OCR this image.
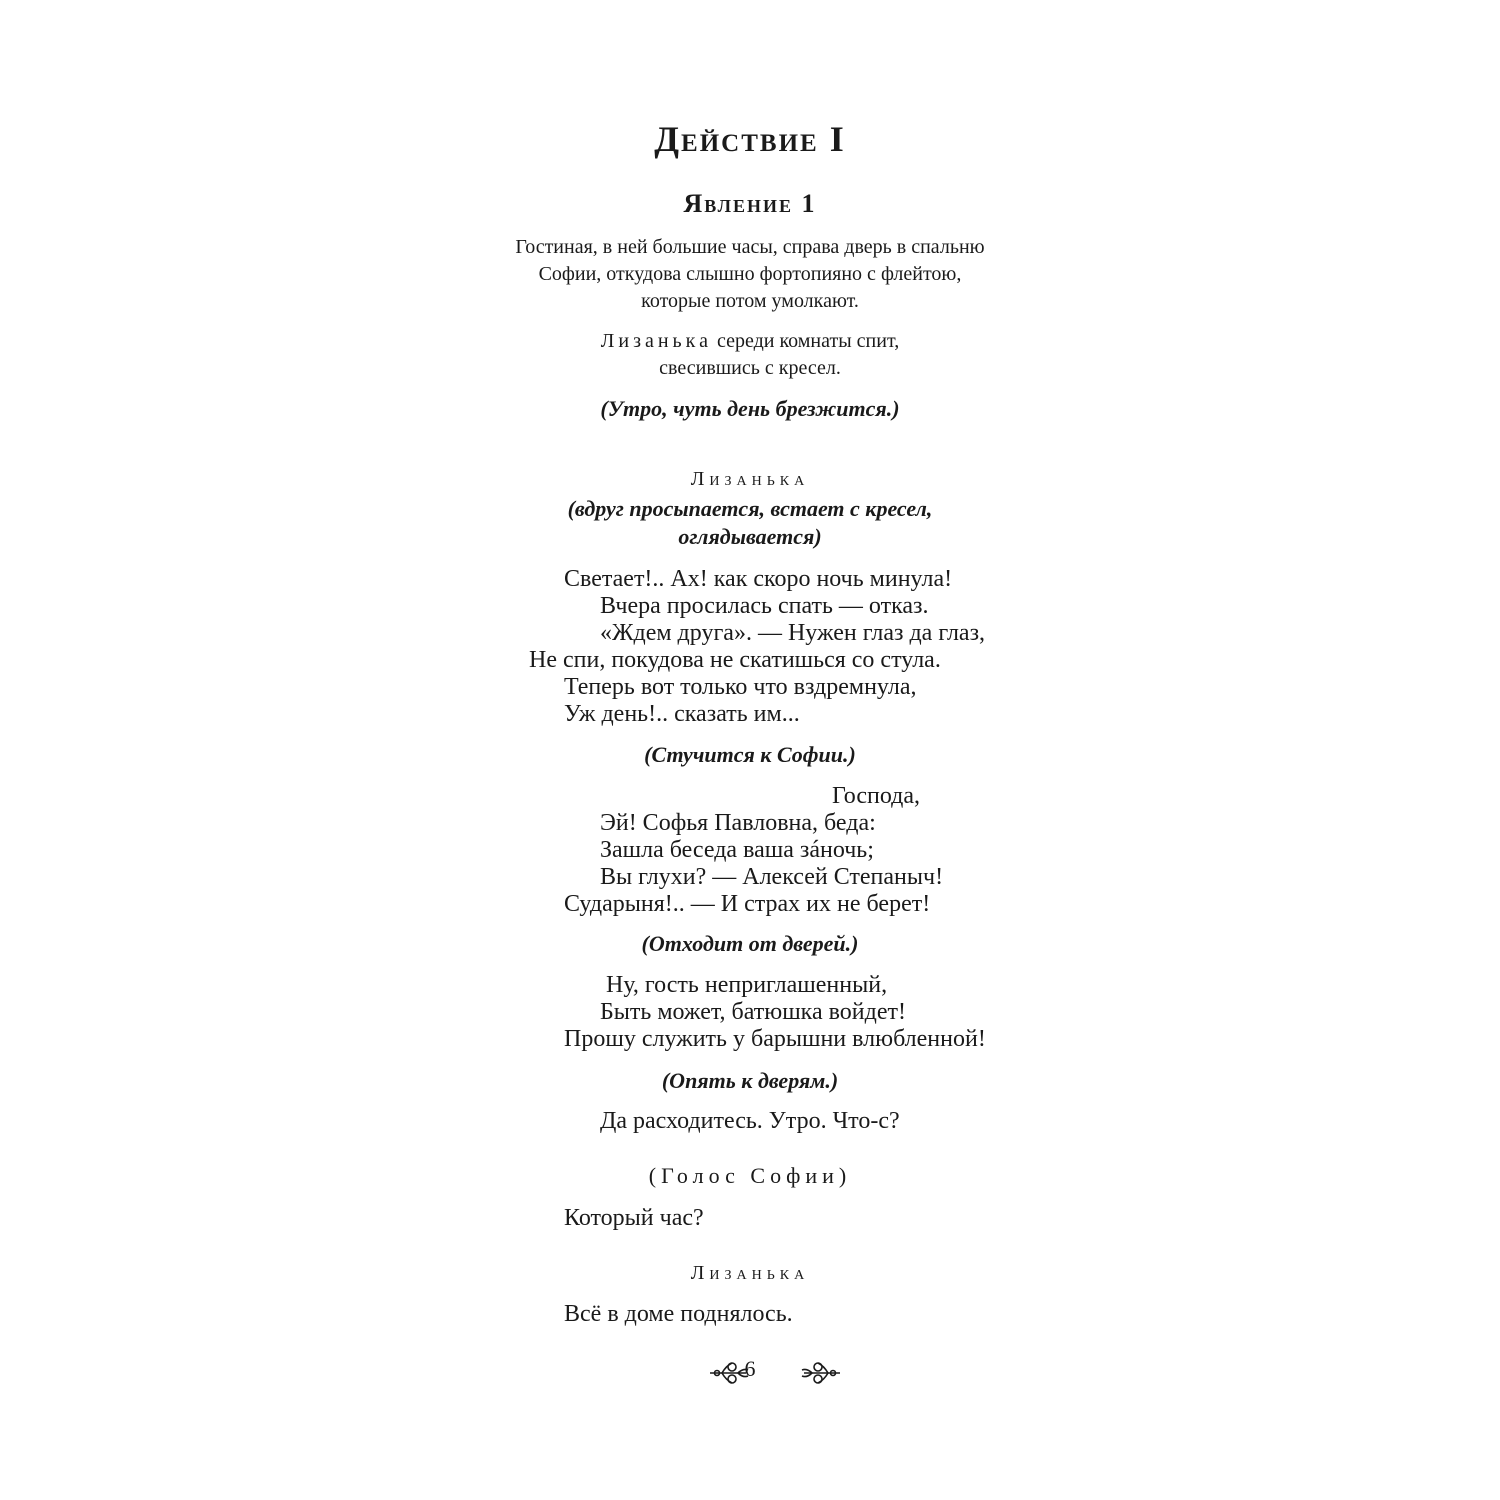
Действие I
Явление 1
Гостиная, в ней большие часы, справа дверь в спальню
Софии, откудова слышно фортопияно с флейтою,
которые потом умолкают.
Лизанька середи комнаты спит,
свесившись с кресел.
(Утро, чуть день брезжится.)
Лизанька
(вдруг просыпается, встает с кресел,
оглядывается)
Светает!.. Ах! как скоро ночь минула!
Вчера просилась спать — отказ.
«Ждем друга». — Нужен глаз да глаз,
Не спи, покудова не скатишься со стула.
Теперь вот только что вздремнула,
Уж день!.. сказать им...
(Стучится к Софии.)
Господа,
Эй! Софья Павловна, беда:
Зашла беседа ваша зáночь;
Вы глухи? — Алексей Степаныч!
Сударыня!.. — И страх их не берет!
(Отходит от дверей.)
Ну, гость неприглашенный,
Быть может, батюшка войдет!
Прошу служить у барышни влюбленной!
(Опять к дверям.)
Да расходитесь. Утро. Что-с?
(Голос Софии)
Который час?
Лизанька
Всё в доме поднялось.
6
